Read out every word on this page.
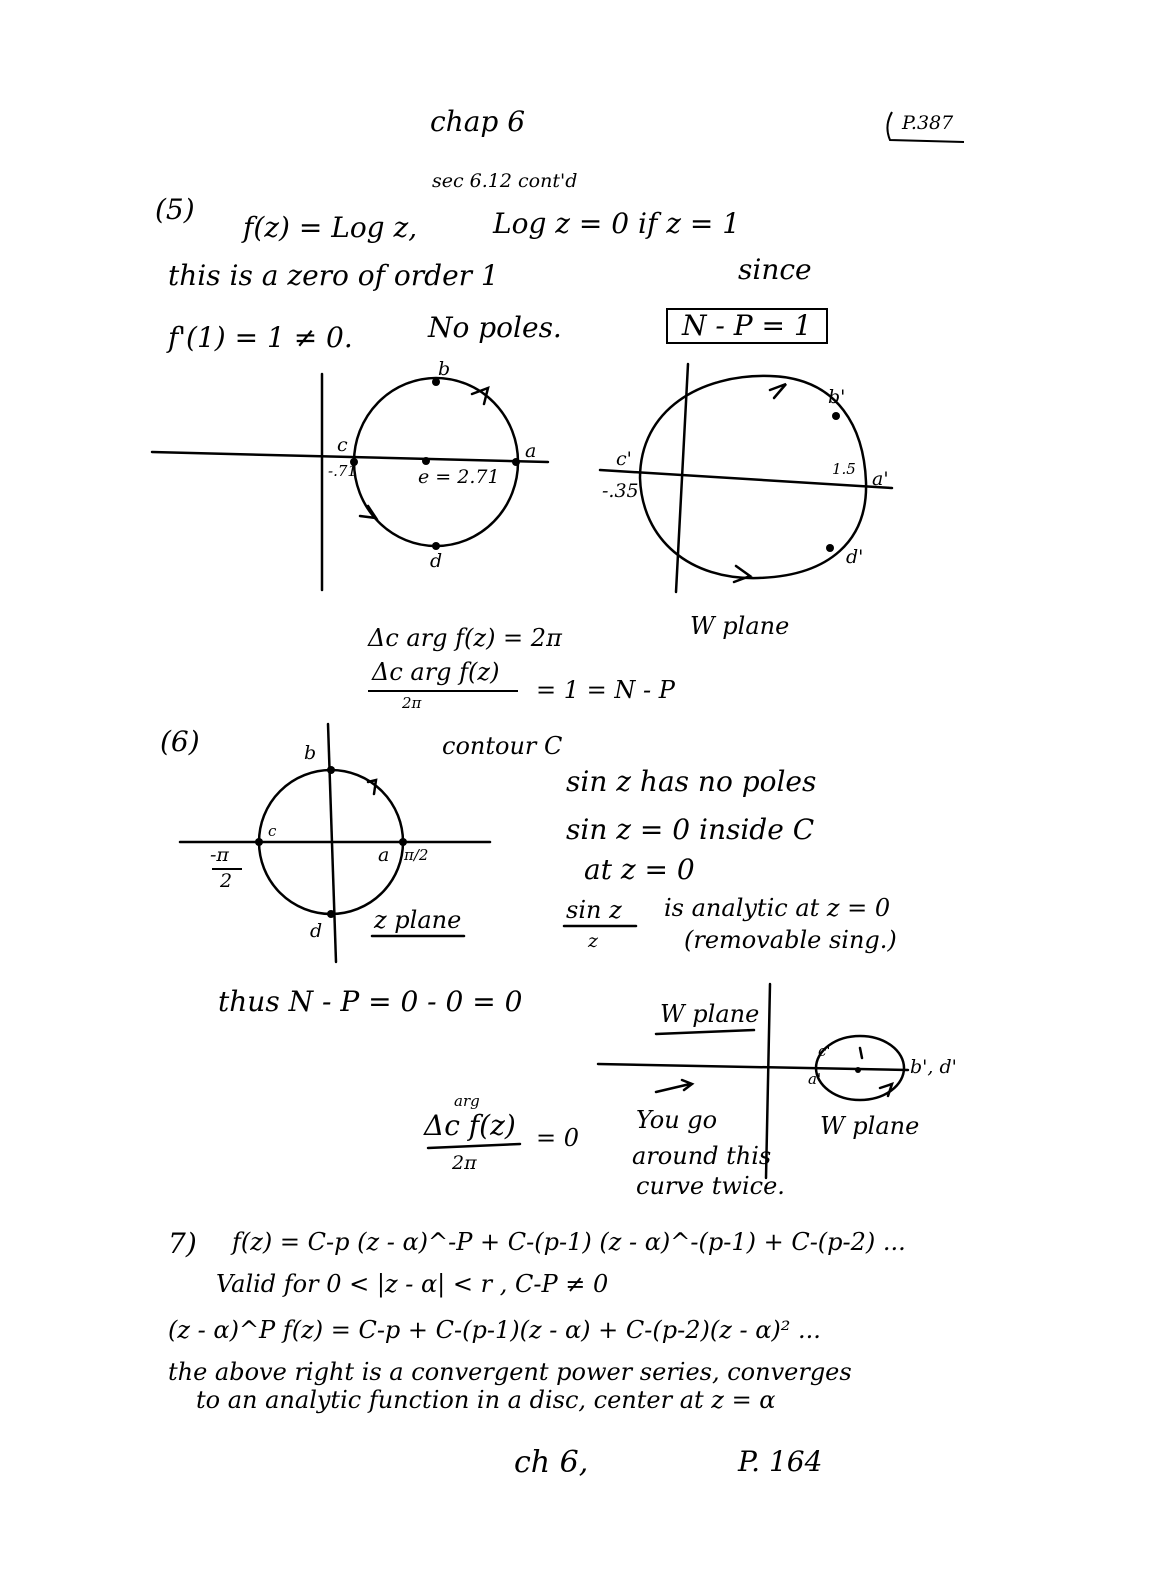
chap 6	P.387
sec 6.12 cont'd
(5)
f(z) = Log z,	Log z = 0 if z = 1
this is a zero of order 1	since
f'(1) = 1 ≠ 0.	No poles.	N - P = 1
b
c
-.71
a
e = 2.71
d
b'
c'
-.35
1.5 a'
d'
Δc arg f(z) = 2π	W plane
Δc arg f(z)
2π	= 1 = N - P
(6)	contour C
b
c
a π/2
-π
2
d z plane
sin z has no poles
sin z = 0 inside C
at z = 0
sin z
z
is analytic at z = 0
(removable sing.)
thus N - P = 0 - 0 = 0	W plane
c'
a'
b', d'
arg
Δc f(z)
2π
= 0
You go
around this
curve twice.
W plane
7) f(z) = C-p (z - α)^-P + C-(p-1) (z - α)^-(p-1) + C-(p-2) ...
Valid for 0 < |z - α| < r , C-P ≠ 0
(z - α)^P f(z) = C-p + C-(p-1)(z - α) + C-(p-2)(z - α)² ...
the above right is a convergent power series, converges
to an analytic function in a disc, center at z = α
ch 6,	P. 164
